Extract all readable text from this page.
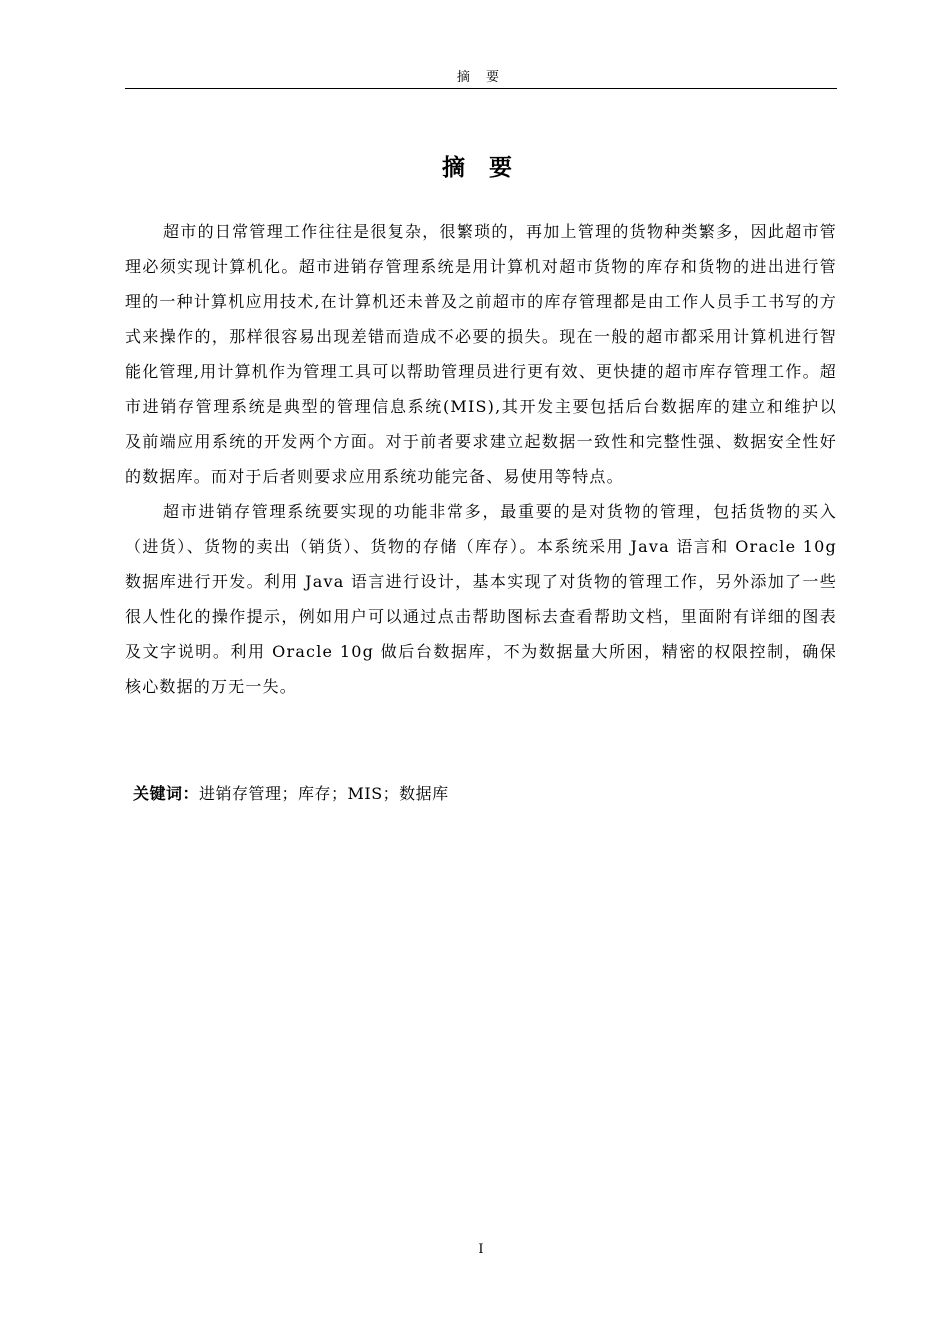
摘 要
摘 要

超市的日常管理工作往往是很复杂，很繁琐的，再加上管理的货物种类繁多，因此超市管理必须实现计算机化。超市进销存管理系统是用计算机对超市货物的库存和货物的进出进行管理的一种计算机应用技术,在计算机还未普及之前超市的库存管理都是由工作人员手工书写的方式来操作的，那样很容易出现差错而造成不必要的损失。现在一般的超市都采用计算机进行智能化管理,用计算机作为管理工具可以帮助管理员进行更有效、更快捷的超市库存管理工作。超市进销存管理系统是典型的管理信息系统(MIS),其开发主要包括后台数据库的建立和维护以及前端应用系统的开发两个方面。对于前者要求建立起数据一致性和完整性强、数据安全性好的数据库。而对于后者则要求应用系统功能完备、易使用等特点。

超市进销存管理系统要实现的功能非常多，最重要的是对货物的管理，包括货物的买入（进货）、货物的卖出（销货）、货物的存储（库存）。本系统采用 Java 语言和 Oracle 10g 数据库进行开发。利用 Java 语言进行设计，基本实现了对货物的管理工作，另外添加了一些很人性化的操作提示，例如用户可以通过点击帮助图标去查看帮助文档，里面附有详细的图表及文字说明。利用 Oracle 10g 做后台数据库，不为数据量大所困，精密的权限控制，确保核心数据的万无一失。

关键词：进销存管理；库存；MIS；数据库
I
